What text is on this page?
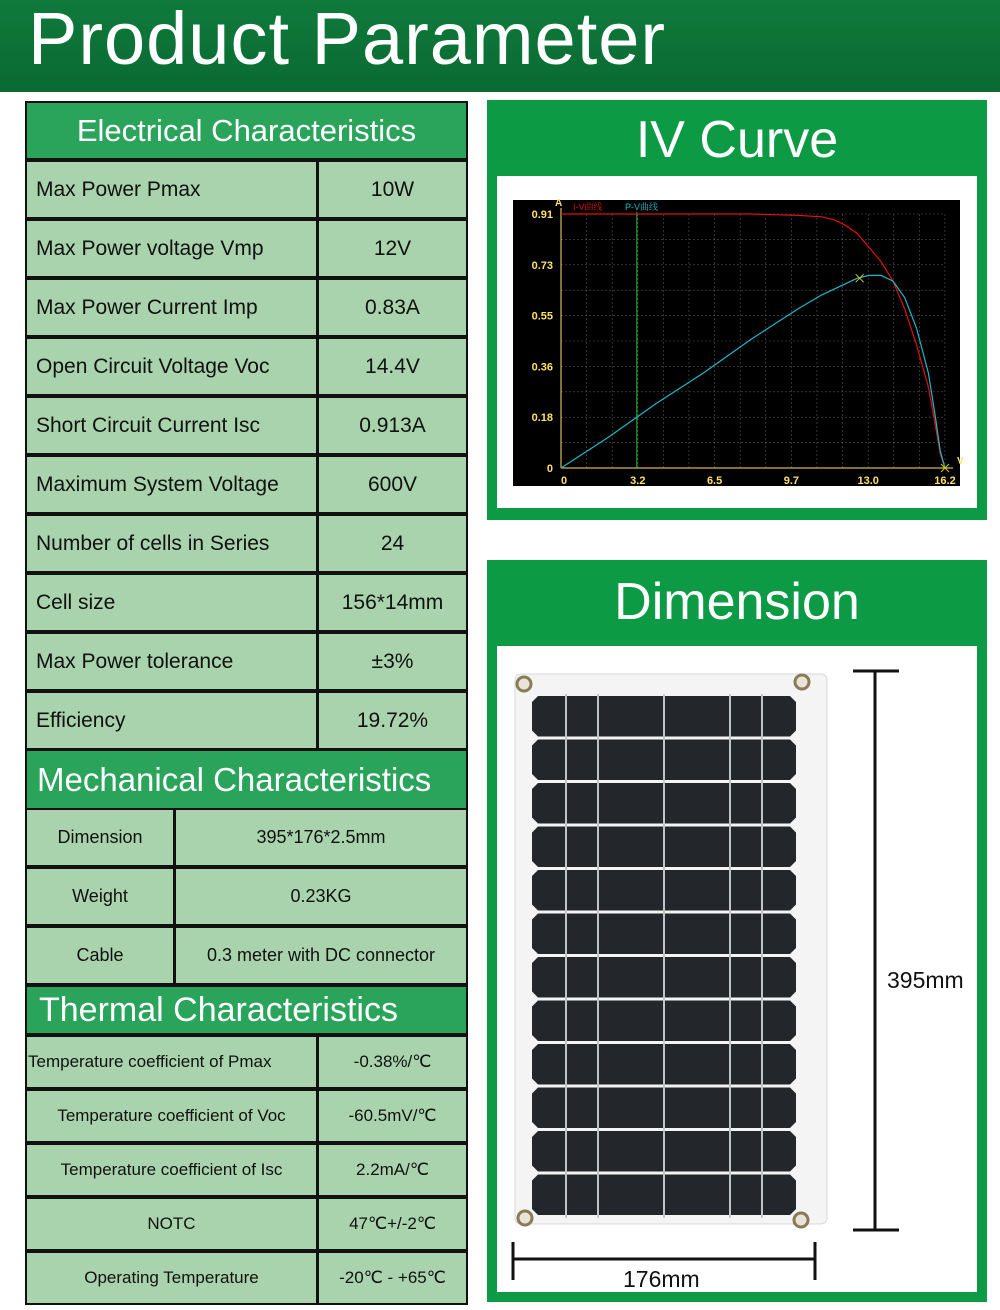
Product Parameter
Electrical Characteristics
Max Power Pmax	10W
Max Power voltage Vmp	12V
Max Power Current Imp	0.83A
Open Circuit Voltage Voc	14.4V
Short Circuit Current Isc	0.913A
Maximum System Voltage	600V
Number of cells in Series	24
Cell size	156*14mm
Max Power tolerance	±3%
Efficiency	19.72%
Mechanical Characteristics
Dimension	395*176*2.5mm
Weight	0.23KG
Cable	0.3 meter with DC connector
Thermal Characteristics
Temperature coefficient of Pmax	-0.38%/℃
Temperature coefficient of Voc	-60.5mV/℃
Temperature coefficient of Isc	2.2mA/℃
NOTC	47℃+/-2℃
Operating Temperature	-20℃ - +65℃
IV Curve
0	3.2	6.5	9.7	13.0	16.2
0
0.18
0.36
0.55
0.73
0.91
V
A I-V曲线 P-V曲线
Dimension
395mm
176mm
